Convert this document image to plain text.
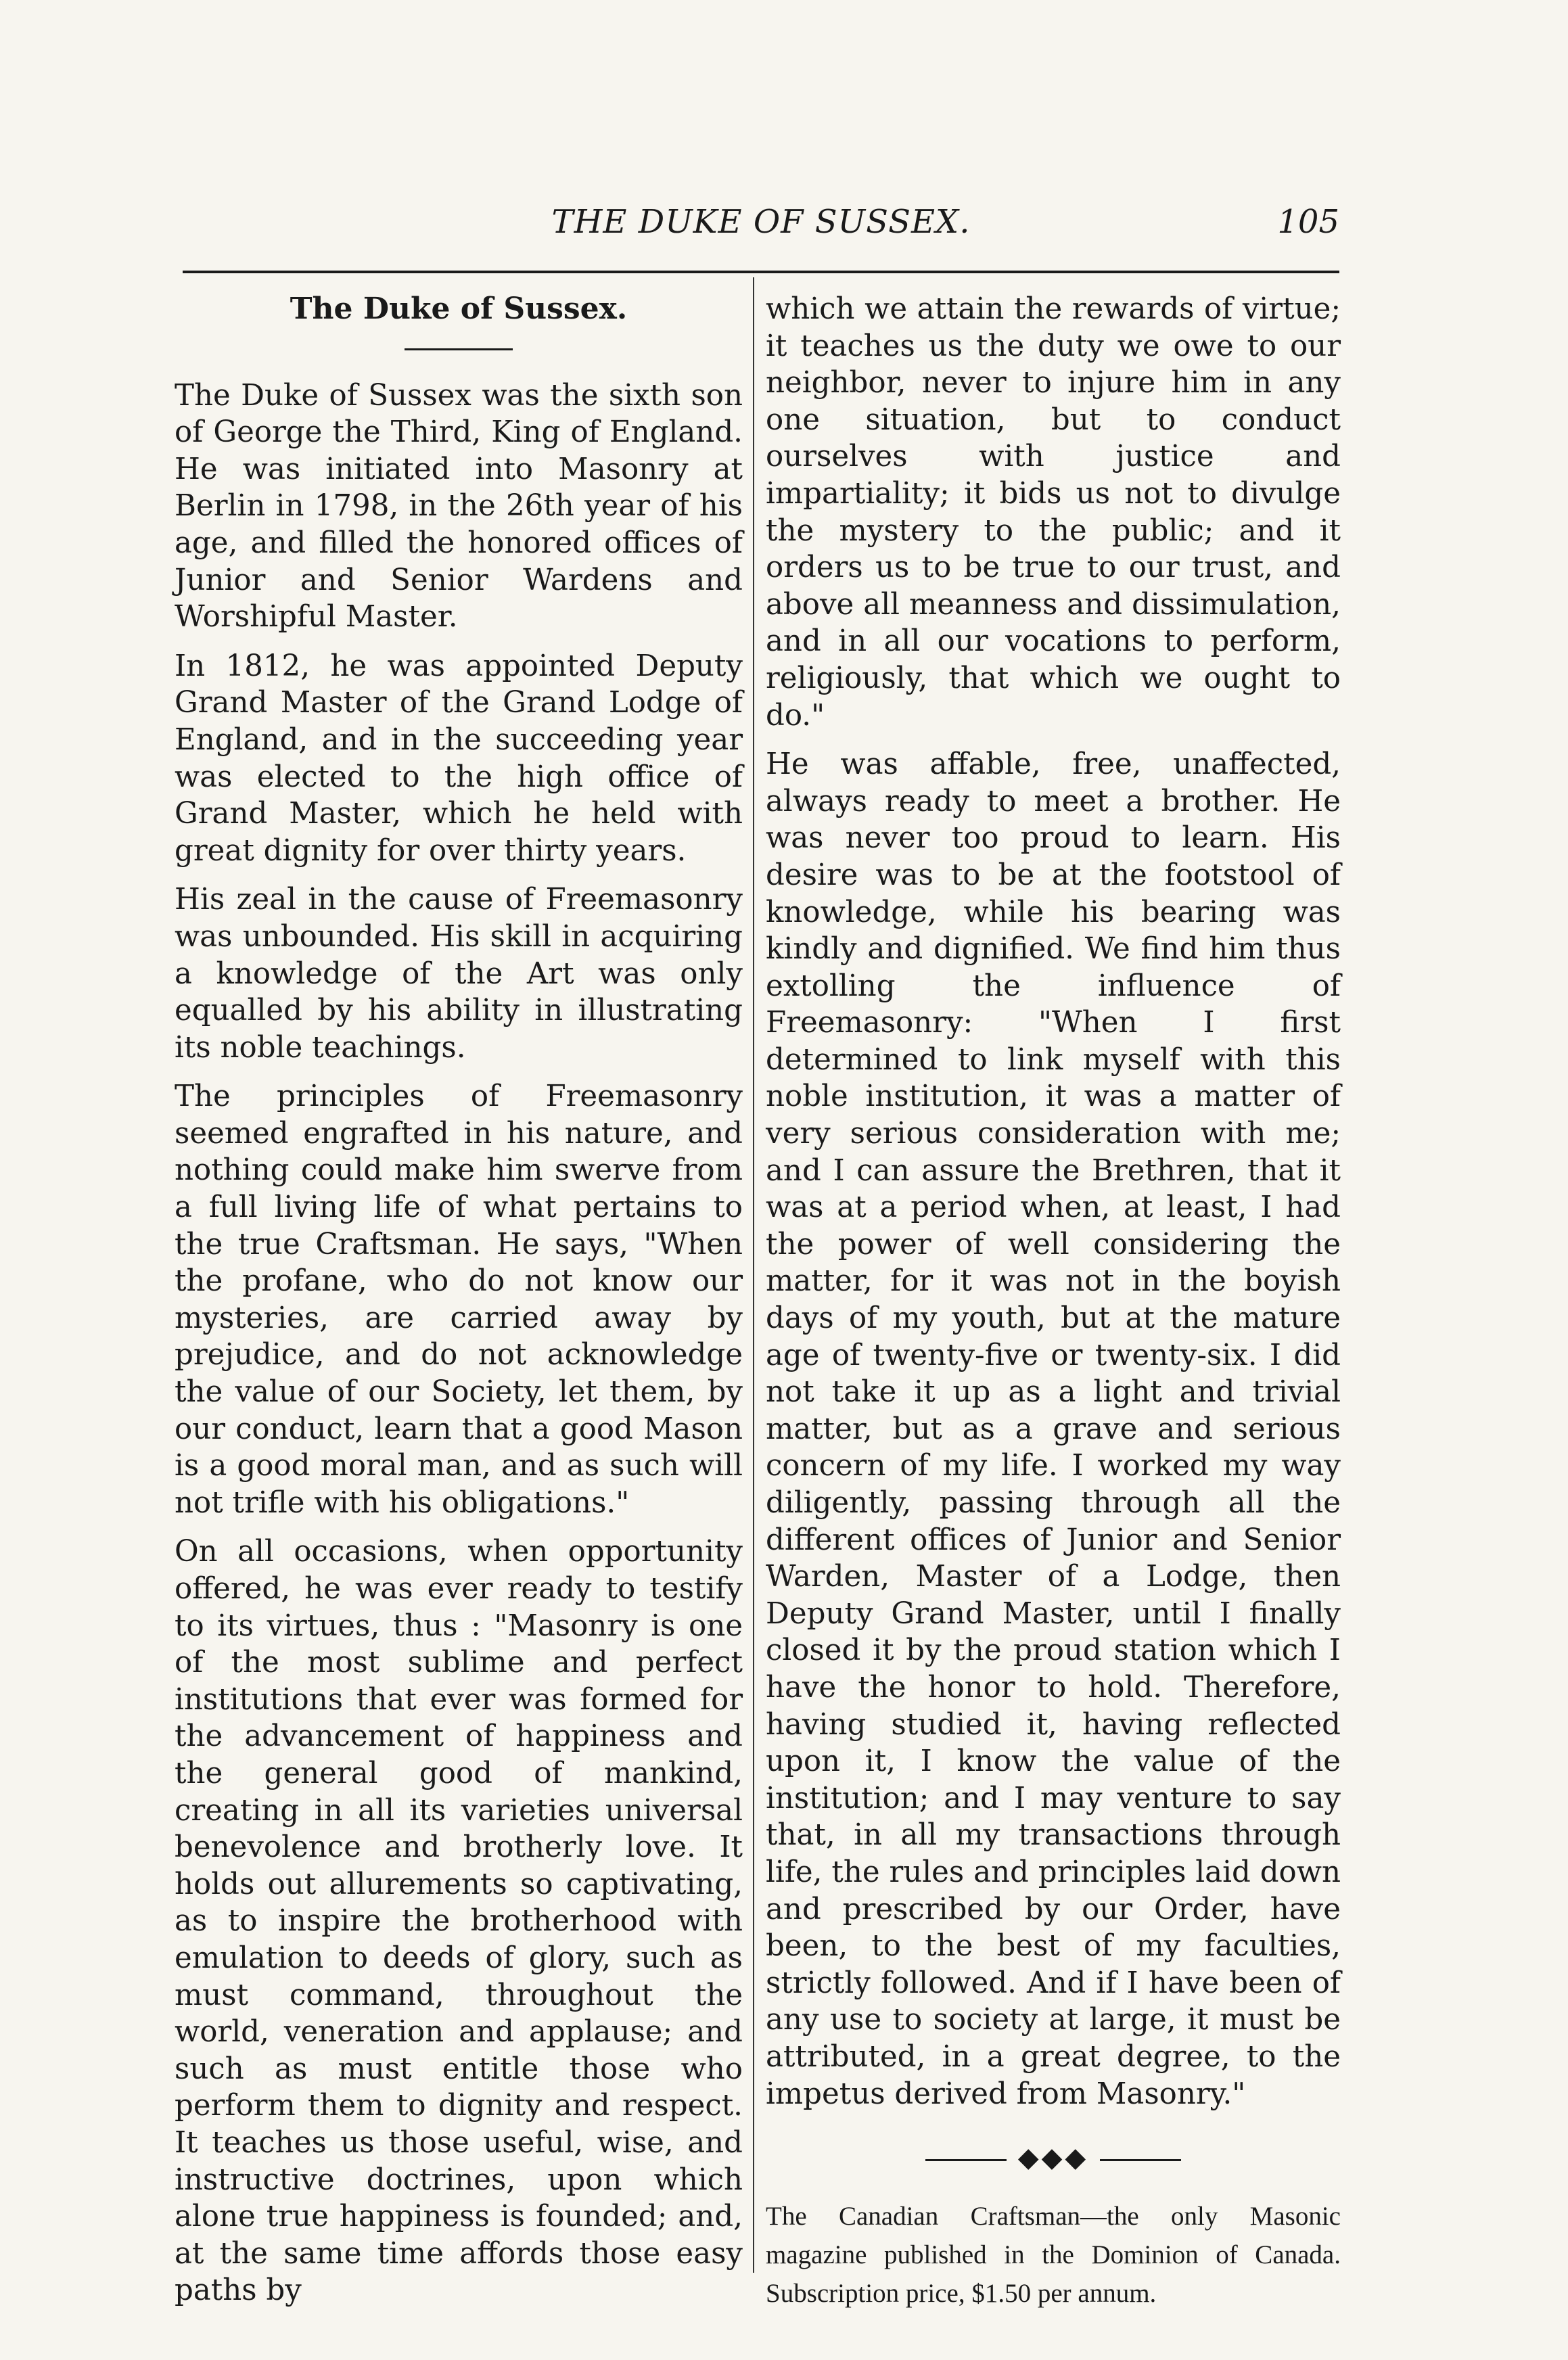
THE DUKE OF SUSSEX.	105
The Duke of Sussex.

The Duke of Sussex was the sixth son of George the Third, King of England. He was initiated into Masonry at Berlin in 1798, in the 26th year of his age, and filled the honored offices of Junior and Senior Wardens and Worshipful Master.

In 1812, he was appointed Deputy Grand Master of the Grand Lodge of England, and in the succeeding year was elected to the high office of Grand Master, which he held with great dignity for over thirty years.

His zeal in the cause of Freemasonry was unbounded. His skill in acquiring a knowledge of the Art was only equalled by his ability in illustrating its noble teachings.

The principles of Freemasonry seemed engrafted in his nature, and nothing could make him swerve from a full living life of what pertains to the true Craftsman. He says, "When the profane, who do not know our mysteries, are carried away by prejudice, and do not acknowledge the value of our Society, let them, by our conduct, learn that a good Mason is a good moral man, and as such will not trifle with his obligations."

On all occasions, when opportunity offered, he was ever ready to testify to its virtues, thus : "Masonry is one of the most sublime and perfect institutions that ever was formed for the advancement of happiness and the general good of mankind, creating in all its varieties universal benevolence and brotherly love. It holds out allurements so captivating, as to inspire the brotherhood with emulation to deeds of glory, such as must command, throughout the world, veneration and applause; and such as must entitle those who perform them to dignity and respect. It teaches us those useful, wise, and instructive doctrines, upon which alone true happiness is founded; and, at the same time affords those easy paths by

which we attain the rewards of virtue; it teaches us the duty we owe to our neighbor, never to injure him in any one situation, but to conduct ourselves with justice and impartiality; it bids us not to divulge the mystery to the public; and it orders us to be true to our trust, and above all meanness and dissimulation, and in all our vocations to perform, religiously, that which we ought to do."

He was affable, free, unaffected, always ready to meet a brother. He was never too proud to learn. His desire was to be at the footstool of knowledge, while his bearing was kindly and dignified. We find him thus extolling the influence of Freemasonry: "When I first determined to link myself with this noble institution, it was a matter of very serious consideration with me; and I can assure the Brethren, that it was at a period when, at least, I had the power of well considering the matter, for it was not in the boyish days of my youth, but at the mature age of twenty-five or twenty-six. I did not take it up as a light and trivial matter, but as a grave and serious concern of my life. I worked my way diligently, passing through all the different offices of Junior and Senior Warden, Master of a Lodge, then Deputy Grand Master, until I finally closed it by the proud station which I have the honor to hold. Therefore, having studied it, having reflected upon it, I know the value of the institution; and I may venture to say that, in all my transactions through life, the rules and principles laid down and prescribed by our Order, have been, to the best of my faculties, strictly followed. And if I have been of any use to society at large, it must be attributed, in a great degree, to the impetus derived from Masonry."

◆◆◆
The Canadian Craftsman—the only Masonic magazine published in the Dominion of Canada. Subscription price, $1.50 per annum.
